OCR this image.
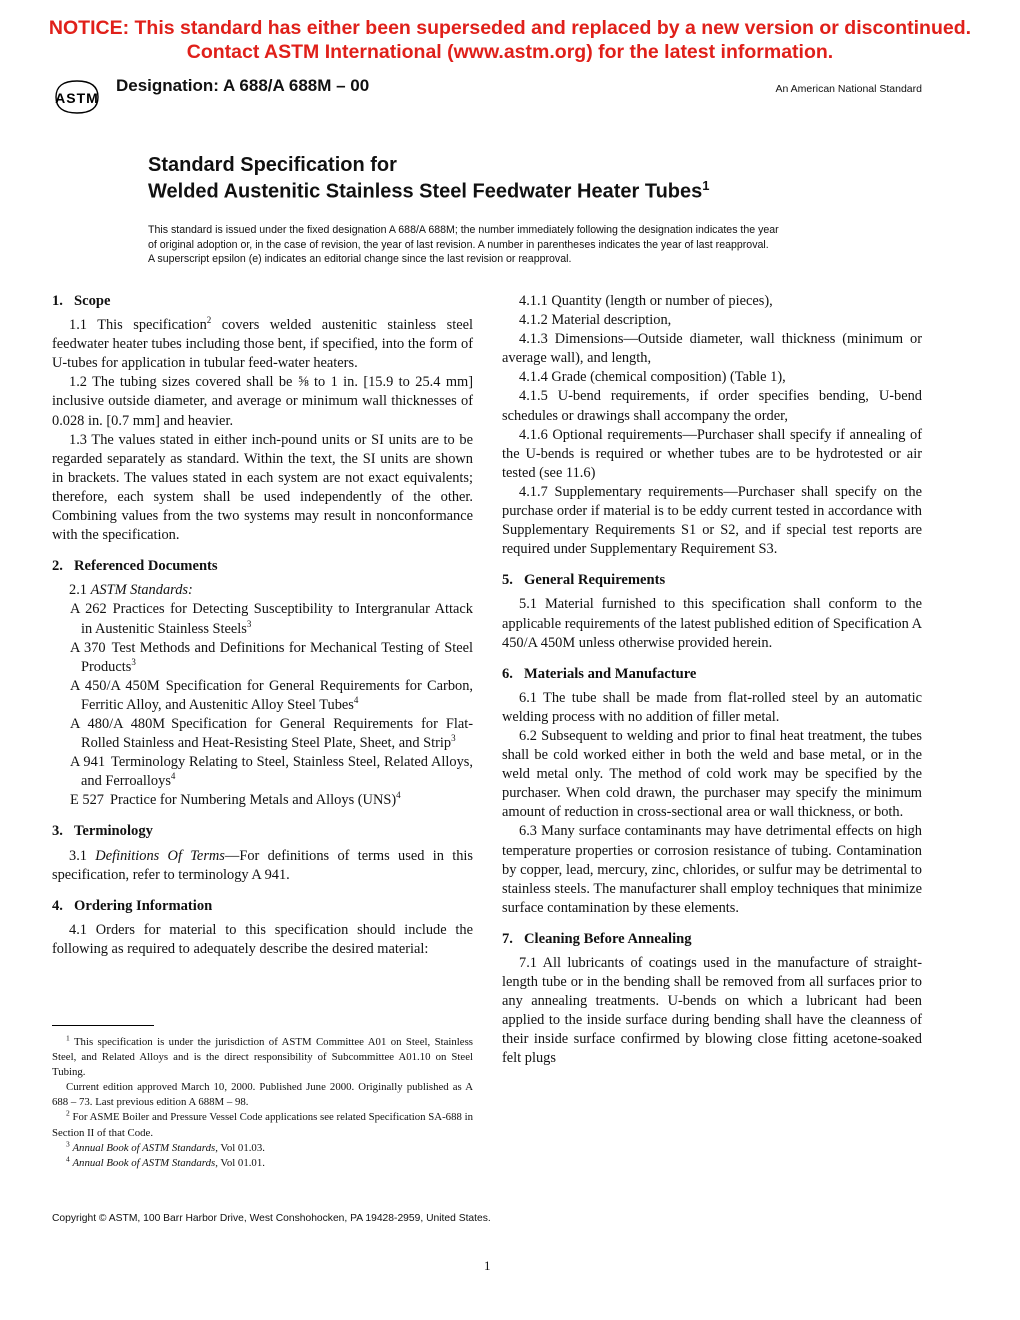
NOTICE: This standard has either been superseded and replaced by a new version or discontinued.
Contact ASTM International (www.astm.org) for the latest information.
ASTM
Designation: A 688/A 688M – 00	An American National Standard
Standard Specification for
Welded Austenitic Stainless Steel Feedwater Heater Tubes$^1$
This standard is issued under the fixed designation A 688/A 688M; the number immediately following the designation indicates the year
of original adoption or, in the case of revision, the year of last revision. A number in parentheses indicates the year of last reapproval.
A superscript epsilon (e) indicates an editorial change since the last revision or reapproval.
1. Scope

1.1 This specification$^2$ covers welded austenitic stainless steel feedwater heater tubes including those bent, if specified, into the form of U-tubes for application in tubular feed-water heaters.

1.2 The tubing sizes covered shall be ⅝ to 1 in. [15.9 to 25.4 mm] inclusive outside diameter, and average or minimum wall thicknesses of 0.028 in. [0.7 mm] and heavier.

1.3 The values stated in either inch-pound units or SI units are to be regarded separately as standard. Within the text, the SI units are shown in brackets. The values stated in each system are not exact equivalents; therefore, each system shall be used independently of the other. Combining values from the two systems may result in nonconformance with the specification.

2. Referenced Documents

2.1 ASTM Standards:

A 262 Practices for Detecting Susceptibility to Intergranular Attack in Austenitic Stainless Steels$^3$

A 370 Test Methods and Definitions for Mechanical Testing of Steel Products$^3$

A 450/A 450M Specification for General Requirements for Carbon, Ferritic Alloy, and Austenitic Alloy Steel Tubes$^4$

A 480/A 480M Specification for General Requirements for Flat-Rolled Stainless and Heat-Resisting Steel Plate, Sheet, and Strip$^3$

A 941 Terminology Relating to Steel, Stainless Steel, Related Alloys, and Ferroalloys$^4$

E 527 Practice for Numbering Metals and Alloys (UNS)$^4$

3. Terminology

3.1 Definitions Of Terms—For definitions of terms used in this specification, refer to terminology A 941.

4. Ordering Information

4.1 Orders for material to this specification should include the following as required to adequately describe the desired material:

$^1$ This specification is under the jurisdiction of ASTM Committee A01 on Steel, Stainless Steel, and Related Alloys and is the direct responsibility of Subcommittee A01.10 on Steel Tubing.

Current edition approved March 10, 2000. Published June 2000. Originally published as A 688 – 73. Last previous edition A 688M – 98.

$^2$ For ASME Boiler and Pressure Vessel Code applications see related Specification SA-688 in Section II of that Code.

$^3$ Annual Book of ASTM Standards, Vol 01.03.

$^4$ Annual Book of ASTM Standards, Vol 01.01.

4.1.1 Quantity (length or number of pieces),

4.1.2 Material description,

4.1.3 Dimensions—Outside diameter, wall thickness (minimum or average wall), and length,

4.1.4 Grade (chemical composition) (Table 1),

4.1.5 U-bend requirements, if order specifies bending, U-bend schedules or drawings shall accompany the order,

4.1.6 Optional requirements—Purchaser shall specify if annealing of the U-bends is required or whether tubes are to be hydrotested or air tested (see 11.6)

4.1.7 Supplementary requirements—Purchaser shall specify on the purchase order if material is to be eddy current tested in accordance with Supplementary Requirements S1 or S2, and if special test reports are required under Supplementary Requirement S3.

5. General Requirements

5.1 Material furnished to this specification shall conform to the applicable requirements of the latest published edition of Specification A 450/A 450M unless otherwise provided herein.

6. Materials and Manufacture

6.1 The tube shall be made from flat-rolled steel by an automatic welding process with no addition of filler metal.

6.2 Subsequent to welding and prior to final heat treatment, the tubes shall be cold worked either in both the weld and base metal, or in the weld metal only. The method of cold work may be specified by the purchaser. When cold drawn, the purchaser may specify the minimum amount of reduction in cross-sectional area or wall thickness, or both.

6.3 Many surface contaminants may have detrimental effects on high temperature properties or corrosion resistance of tubing. Contamination by copper, lead, mercury, zinc, chlorides, or sulfur may be detrimental to stainless steels. The manufacturer shall employ techniques that minimize surface contamination by these elements.

7. Cleaning Before Annealing

7.1 All lubricants of coatings used in the manufacture of straight-length tube or in the bending shall be removed from all surfaces prior to any annealing treatments. U-bends on which a lubricant had been applied to the inside surface during bending shall have the cleanness of their inside surface confirmed by blowing close fitting acetone-soaked felt plugs

Copyright © ASTM, 100 Barr Harbor Drive, West Conshohocken, PA 19428-2959, United States.
1
